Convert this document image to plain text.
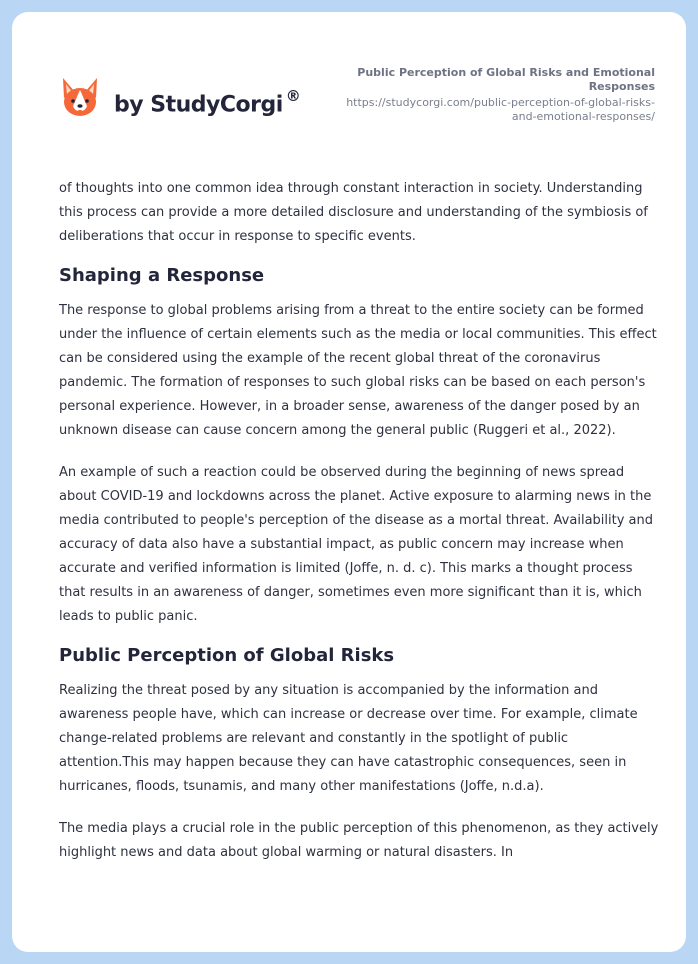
by StudyCorgi ®
Public Perception of Global Risks and Emotional Responses
https://studycorgi.com/public-perception-of-global-risks-and-emotional-responses/

of thoughts into one common idea through constant interaction in society. Understanding this process can provide a more detailed disclosure and understanding of the symbiosis of deliberations that occur in response to specific events.

Shaping a Response

The response to global problems arising from a threat to the entire society can be formed under the influence of certain elements such as the media or local communities. This effect can be considered using the example of the recent global threat of the coronavirus pandemic. The formation of responses to such global risks can be based on each person's personal experience. However, in a broader sense, awareness of the danger posed by an unknown disease can cause concern among the general public (Ruggeri et al., 2022).

An example of such a reaction could be observed during the beginning of news spread about COVID-19 and lockdowns across the planet. Active exposure to alarming news in the media contributed to people's perception of the disease as a mortal threat. Availability and accuracy of data also have a substantial impact, as public concern may increase when accurate and verified information is limited (Joffe, n. d. c). This marks a thought process that results in an awareness of danger, sometimes even more significant than it is, which leads to public panic.

Public Perception of Global Risks

Realizing the threat posed by any situation is accompanied by the information and awareness people have, which can increase or decrease over time. For example, climate change-related problems are relevant and constantly in the spotlight of public attention.This may happen because they can have catastrophic consequences, seen in hurricanes, floods, tsunamis, and many other manifestations (Joffe, n.d.a).

The media plays a crucial role in the public perception of this phenomenon, as they actively highlight news and data about global warming or natural disasters. In
